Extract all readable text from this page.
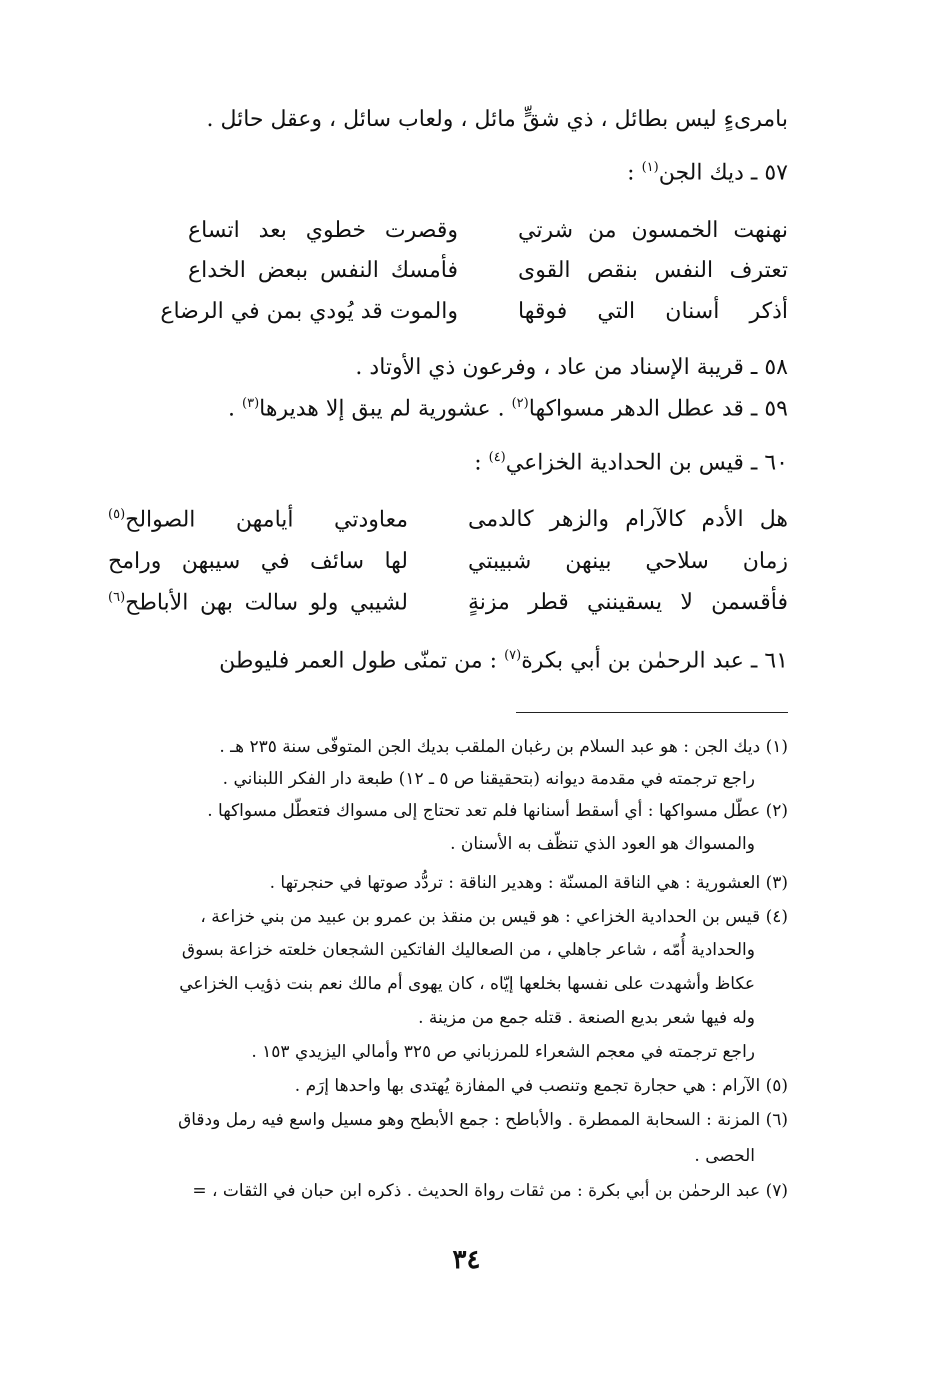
بامرىءٍ ليس بطائل ، ذي شقٍّ مائل ، ولعاب سائل ، وعقل حائل .
٥٧ ـ ديك الجن$^{(١)}$ :
نهنهت الخمسون من شرتي
وقصرت خطوي بعد اتساع
تعترف النفس بنقص القوى
فأمسك النفس ببعض الخداع
أذكر أسنان التي فوقها
والموت قد يُودي بمن في الرضاع
٥٨ ـ قريبة الإسناد من عاد ، وفرعون ذي الأوتاد .
٥٩ ـ قد عطل الدهر مسواكها$^{(٢)}$ . عشورية لم يبق إلا هديرها$^{(٣)}$ .
٦٠ ـ قيس بن الحدادية الخزاعي$^{(٤)}$ :
هل الأدم كالآرام والزهر كالدمى
معاودتي أيامهن الصوالح$^{(٥)}$
زمان سلاحي بينهن شبيبتي
لها سائف في سيبهن ورامح
فأقسمن لا يسقينني قطر مزنةٍ
لشيبي ولو سالت بهن الأباطح$^{(٦)}$
٦١ ـ عبد الرحمٰن بن أبي بكرة$^{(٧)}$ : من تمنّى طول العمر فليوطن
(١) ديك الجن : هو عبد السلام بن رغبان الملقب بديك الجن المتوفّى سنة ٢٣٥ هـ .
راجع ترجمته في مقدمة ديوانه (بتحقيقنا ص ٥ ـ ١٢) طبعة دار الفكر اللبناني .
(٢) عطّل مسواكها : أي أسقط أسنانها فلم تعد تحتاج إلى مسواك فتعطّل مسواكها .
والمسواك هو العود الذي تنظّف به الأسنان .
(٣) العشورية : هي الناقة المسنّة : وهدير الناقة : تردُّد صوتها في حنجرتها .
(٤) قيس بن الحدادية الخزاعي : هو قيس بن منقذ بن عمرو بن عبيد من بني خزاعة ،
والحدادية أُمّه ، شاعر جاهلي ، من الصعاليك الفاتكين الشجعان خلعته خزاعة بسوق
عكاظ وأشهدت على نفسها بخلعها إيّاه ، كان يهوى أم مالك نعم بنت ذؤيب الخزاعي
وله فيها شعر بديع الصنعة . قتله جمع من مزينة .
راجع ترجمته في معجم الشعراء للمرزباني ص ٣٢٥ وأمالي اليزيدي ١٥٣ .
(٥) الآرام : هي حجارة تجمع وتنصب في المفازة يُهتدى بها واحدها إرَم .
(٦) المزنة : السحابة الممطرة . والأباطح : جمع الأبطح وهو مسيل واسع فيه رمل ودقاق
الحصى .
(٧) عبد الرحمٰن بن أبي بكرة : من ثقات رواة الحديث . ذكره ابن حبان في الثقات ، =
٣٤
